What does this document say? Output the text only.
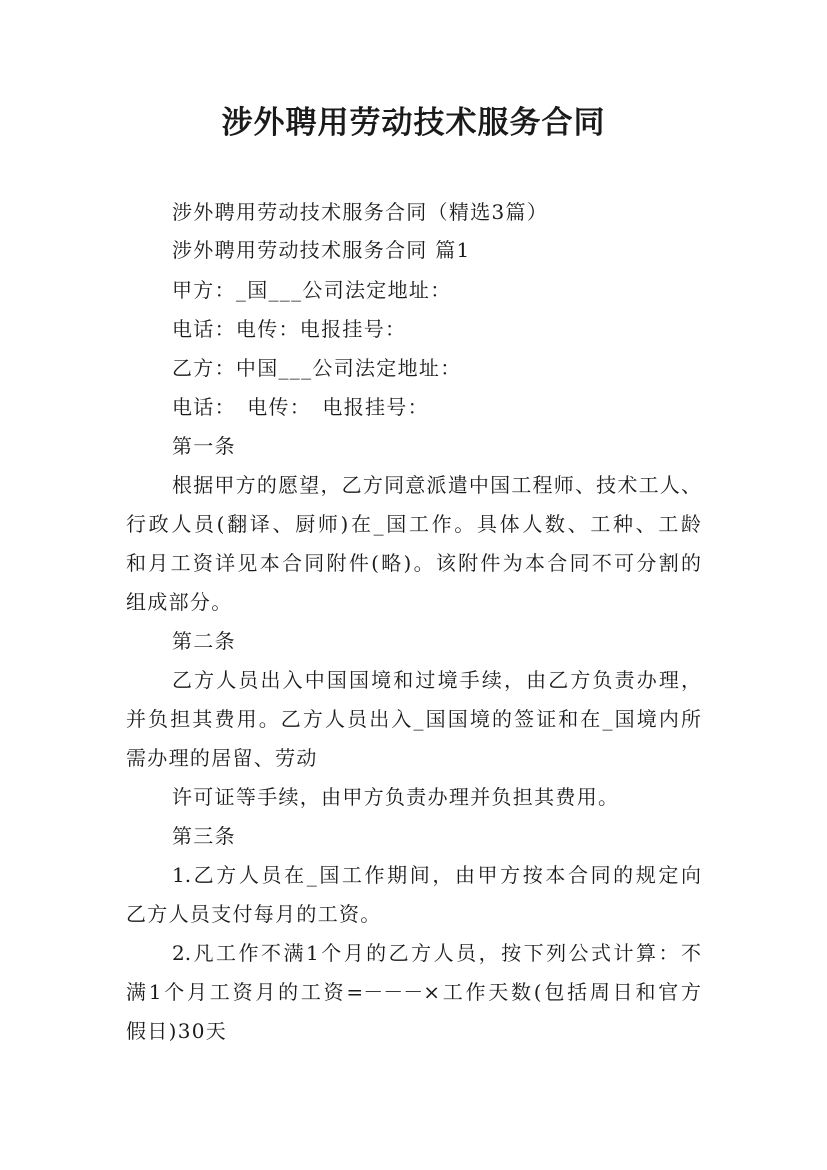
涉外聘用劳动技术服务合同
涉外聘用劳动技术服务合同（精选3篇）
涉外聘用劳动技术服务合同 篇1
甲方：_国___公司法定地址：
电话：电传：电报挂号：
乙方：中国___公司法定地址：
电话：　电传：　电报挂号：
第一条
根据甲方的愿望，乙方同意派遣中国工程师、技术工人、
行政人员(翻译、厨师)在_国工作。具体人数、工种、工龄
和月工资详见本合同附件(略)。该附件为本合同不可分割的
组成部分。
第二条
乙方人员出入中国国境和过境手续，由乙方负责办理，
并负担其费用。乙方人员出入_国国境的签证和在_国境内所
需办理的居留、劳动
许可证等手续，由甲方负责办理并负担其费用。
第三条
1.乙方人员在_国工作期间，由甲方按本合同的规定向
乙方人员支付每月的工资。
2.凡工作不满1个月的乙方人员，按下列公式计算：不
满1个月工资月的工资=－－－×工作天数(包括周日和官方
假日)30天
